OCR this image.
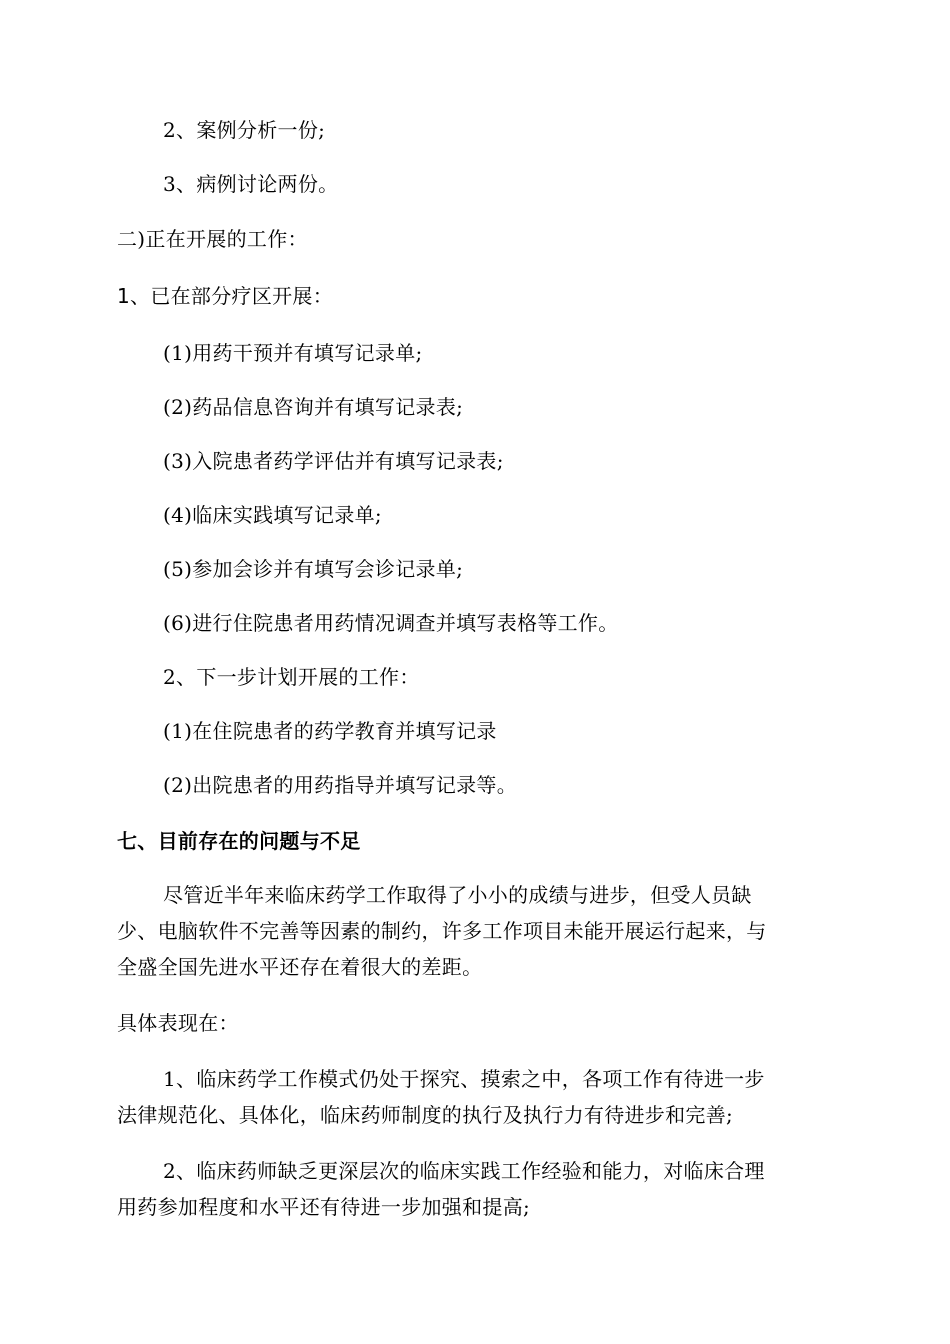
2、案例分析一份;
3、病例讨论两份。
二)正在开展的工作：
1、已在部分疗区开展：
(1)用药干预并有填写记录单;
(2)药品信息咨询并有填写记录表;
(3)入院患者药学评估并有填写记录表;
(4)临床实践填写记录单;
(5)参加会诊并有填写会诊记录单;
(6)进行住院患者用药情况调查并填写表格等工作。
2、下一步计划开展的工作：
(1)在住院患者的药学教育并填写记录
(2)出院患者的用药指导并填写记录等。
七、目前存在的问题与不足
尽管近半年来临床药学工作取得了小小的成绩与进步，但受人员缺
少、电脑软件不完善等因素的制约，许多工作项目未能开展运行起来，与
全盛全国先进水平还存在着很大的差距。
具体表现在：
1、临床药学工作模式仍处于探究、摸索之中，各项工作有待进一步
法律规范化、具体化，临床药师制度的执行及执行力有待进步和完善;
2、临床药师缺乏更深层次的临床实践工作经验和能力，对临床合理
用药参加程度和水平还有待进一步加强和提高;
